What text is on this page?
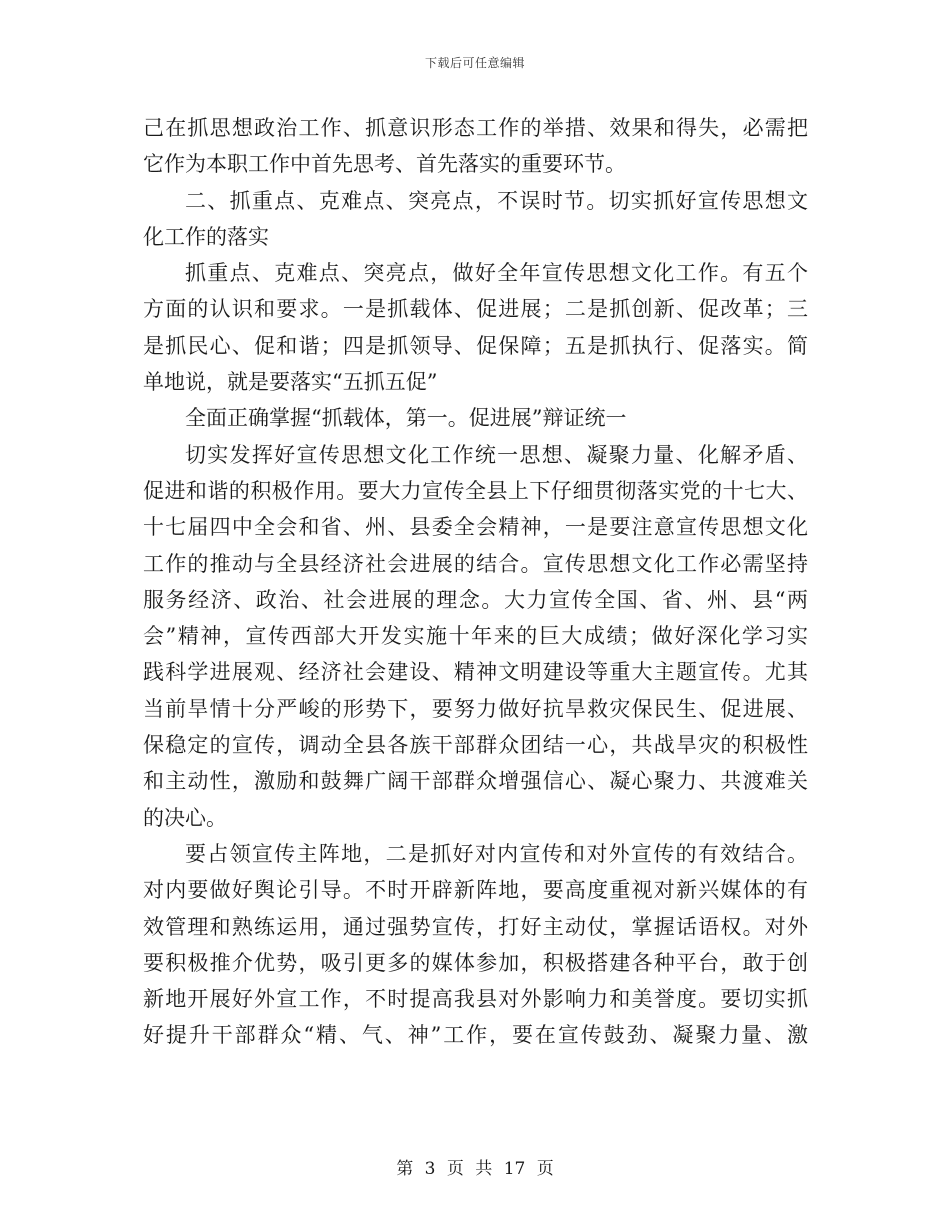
下载后可任意编辑
己在抓思想政治工作、抓意识形态工作的举措、效果和得失，必需把
它作为本职工作中首先思考、首先落实的重要环节。
二、抓重点、克难点、突亮点，不误时节。切实抓好宣传思想文
化工作的落实
抓重点、克难点、突亮点，做好全年宣传思想文化工作。有五个
方面的认识和要求。一是抓载体、促进展；二是抓创新、促改革；三
是抓民心、促和谐；四是抓领导、促保障；五是抓执行、促落实。简
单地说，就是要落实“五抓五促”
全面正确掌握“抓载体，第一。促进展”辩证统一
切实发挥好宣传思想文化工作统一思想、凝聚力量、化解矛盾、
促进和谐的积极作用。要大力宣传全县上下仔细贯彻落实党的十七大、
十七届四中全会和省、州、县委全会精神，一是要注意宣传思想文化
工作的推动与全县经济社会进展的结合。宣传思想文化工作必需坚持
服务经济、政治、社会进展的理念。大力宣传全国、省、州、县“两
会”精神，宣传西部大开发实施十年来的巨大成绩；做好深化学习实
践科学进展观、经济社会建设、精神文明建设等重大主题宣传。尤其
当前旱情十分严峻的形势下，要努力做好抗旱救灾保民生、促进展、
保稳定的宣传，调动全县各族干部群众团结一心，共战旱灾的积极性
和主动性，激励和鼓舞广阔干部群众增强信心、凝心聚力、共渡难关
的决心。
要占领宣传主阵地，二是抓好对内宣传和对外宣传的有效结合。
对内要做好舆论引导。不时开辟新阵地，要高度重视对新兴媒体的有
效管理和熟练运用，通过强势宣传，打好主动仗，掌握话语权。对外
要积极推介优势，吸引更多的媒体参加，积极搭建各种平台，敢于创
新地开展好外宣工作，不时提高我县对外影响力和美誉度。要切实抓
好提升干部群众“精、气、神”工作，要在宣传鼓劲、凝聚力量、激
第 3 页 共 17 页
